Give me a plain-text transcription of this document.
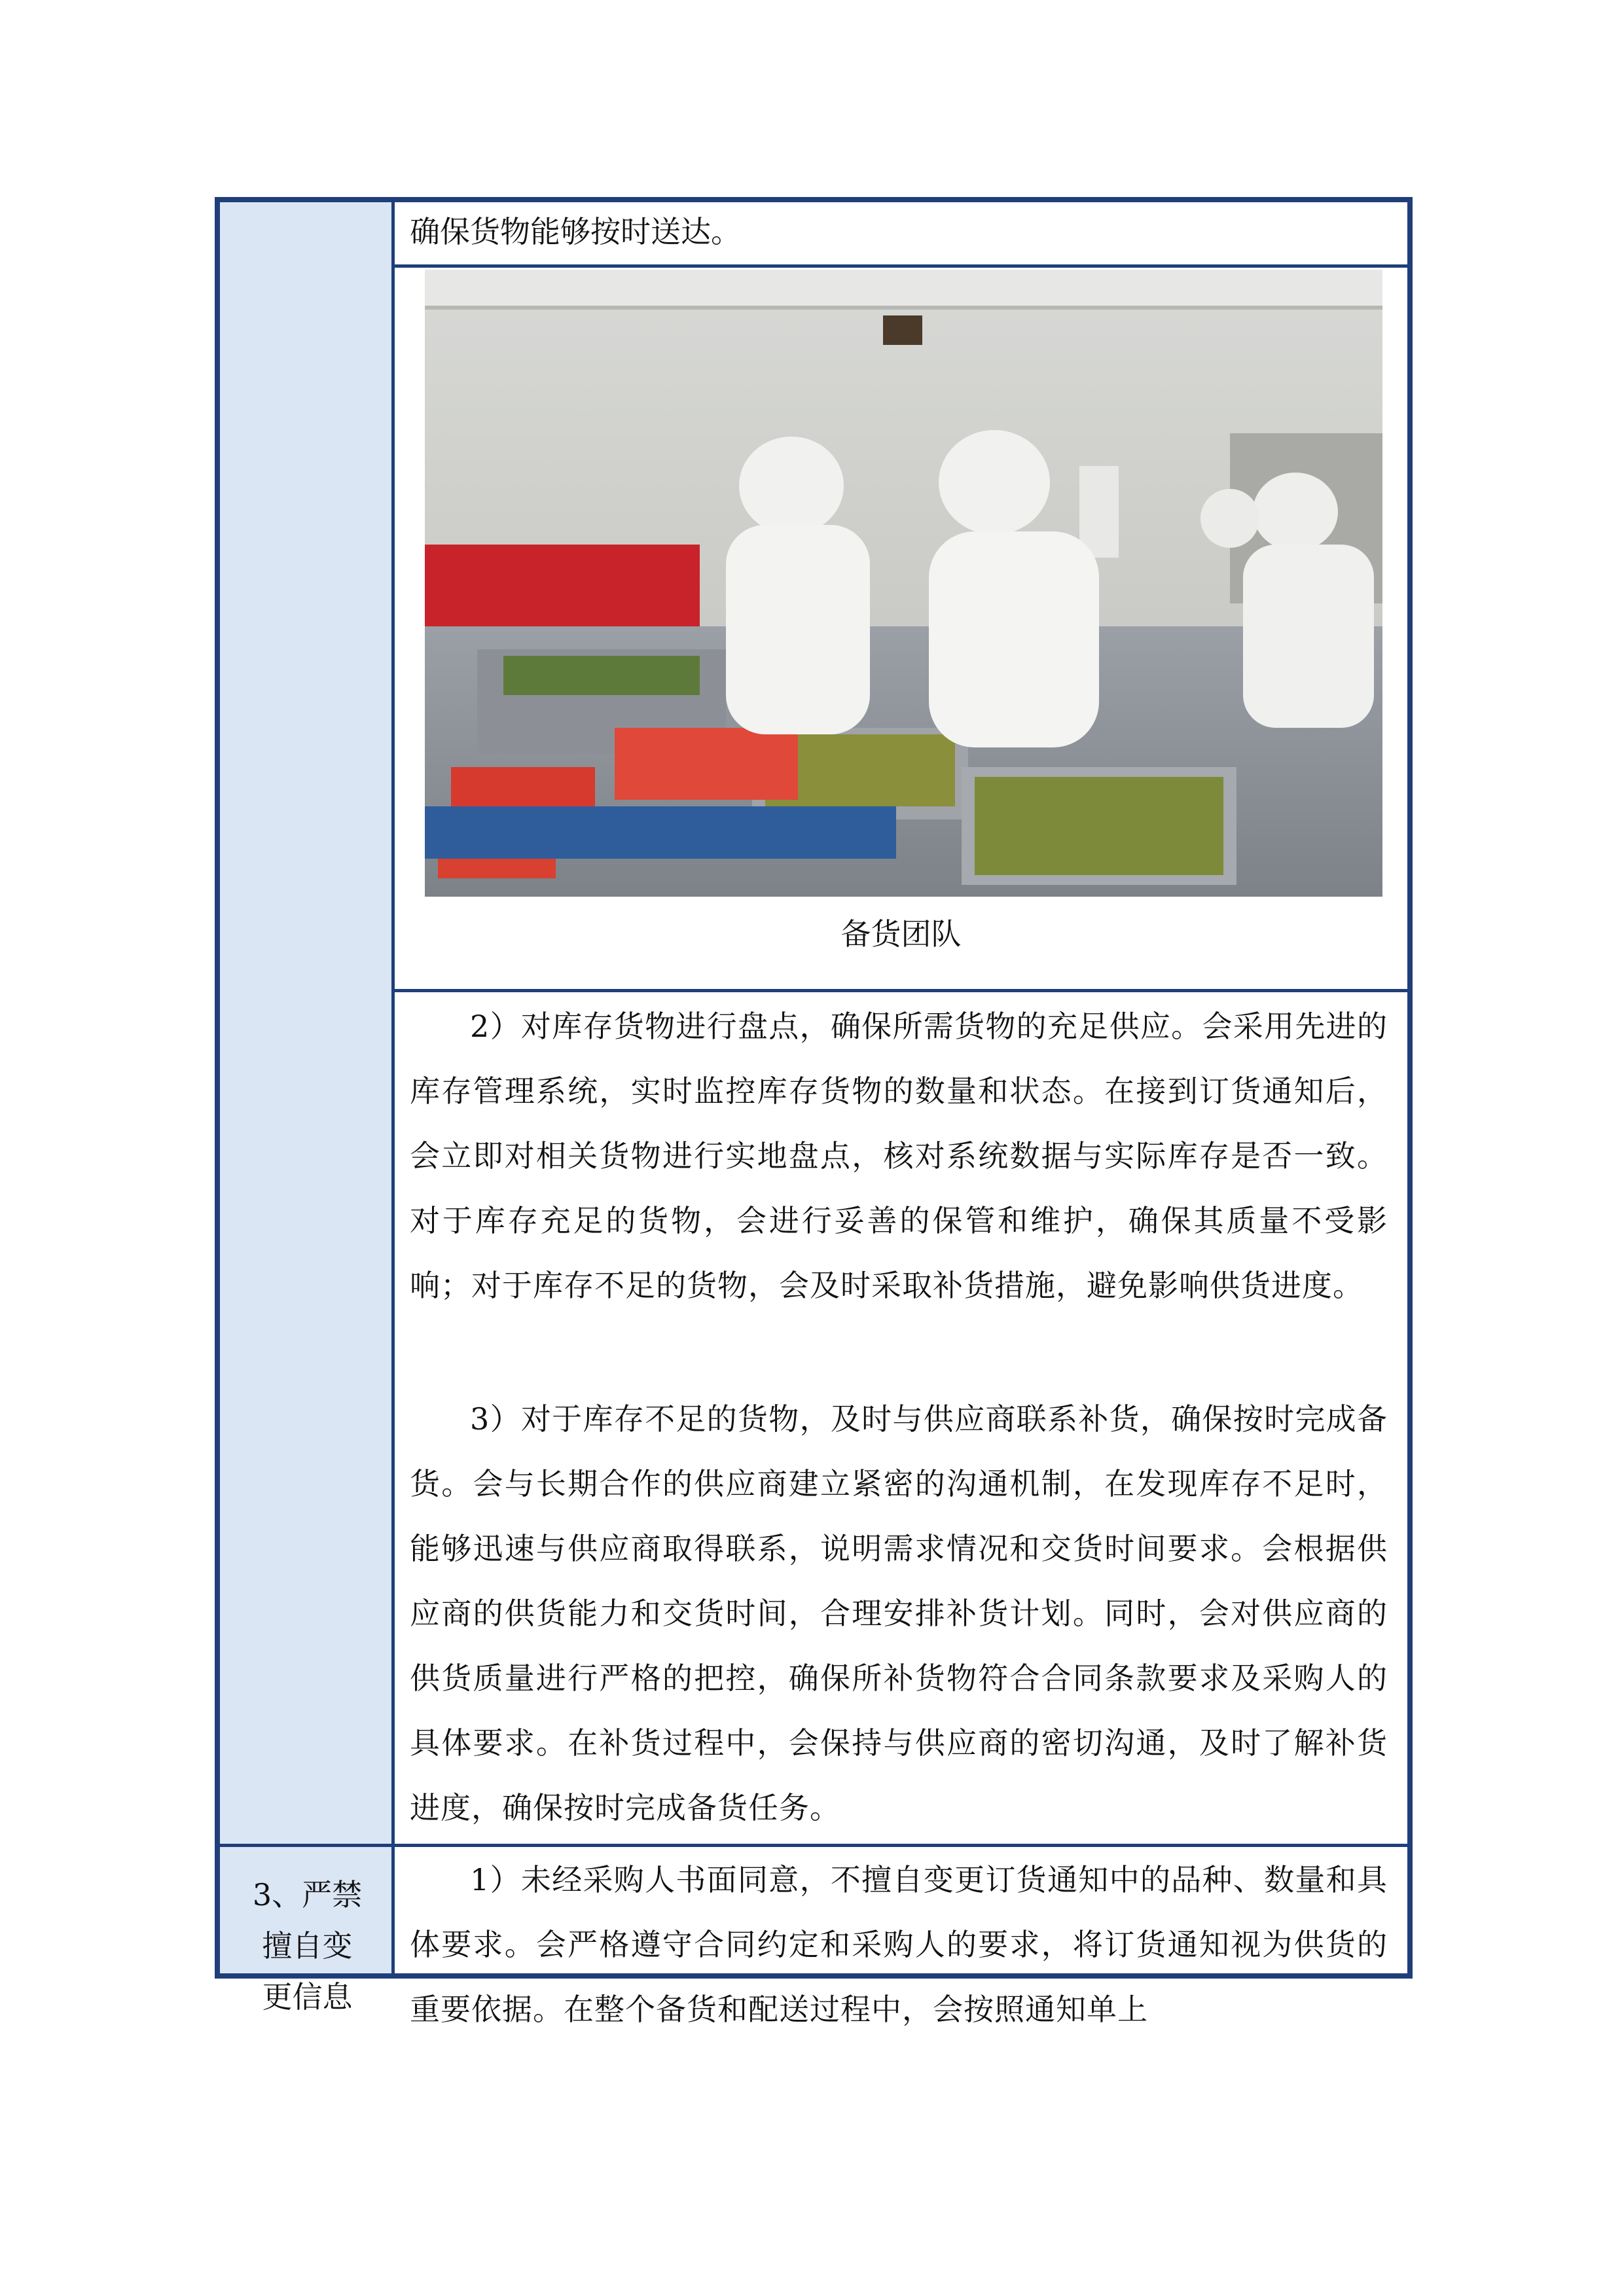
确保货物能够按时送达。
备货团队

2）对库存货物进行盘点，确保所需货物的充足供应。会采用先进的库存管理系统，实时监控库存货物的数量和状态。在接到订货通知后，会立即对相关货物进行实地盘点，核对系统数据与实际库存是否一致。对于库存充足的货物，会进行妥善的保管和维护，确保其质量不受影响；对于库存不足的货物，会及时采取补货措施，避免影响供货进度。

3）对于库存不足的货物，及时与供应商联系补货，确保按时完成备货。会与长期合作的供应商建立紧密的沟通机制，在发现库存不足时，能够迅速与供应商取得联系，说明需求情况和交货时间要求。会根据供应商的供货能力和交货时间，合理安排补货计划。同时，会对供应商的供货质量进行严格的把控，确保所补货物符合合同条款要求及采购人的具体要求。在补货过程中，会保持与供应商的密切沟通，及时了解补货进度，确保按时完成备货任务。

3、严禁
擅自变
更信息

1）未经采购人书面同意，不擅自变更订货通知中的品种、数量和具体要求。会严格遵守合同约定和采购人的要求，将订货通知视为供货的重要依据。在整个备货和配送过程中，会按照通知单上
